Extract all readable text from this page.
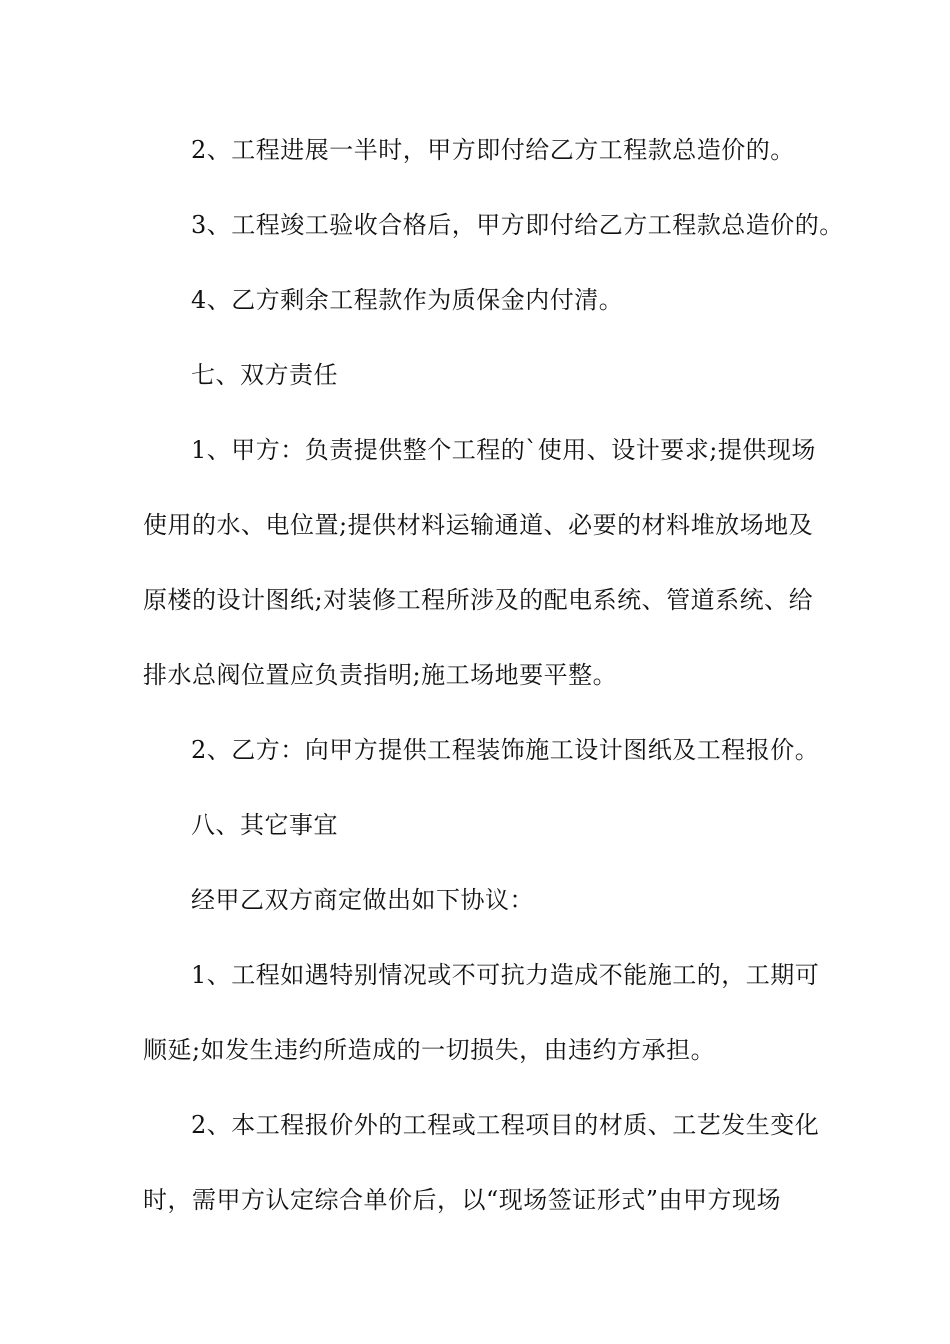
2、工程进展一半时，甲方即付给乙方工程款总造价的。
3、工程竣工验收合格后，甲方即付给乙方工程款总造价的。
4、乙方剩余工程款作为质保金内付清。
七、双方责任
1、甲方：负责提供整个工程的`使用、设计要求;提供现场
使用的水、电位置;提供材料运输通道、必要的材料堆放场地及
原楼的设计图纸;对装修工程所涉及的配电系统、管道系统、给
排水总阀位置应负责指明;施工场地要平整。
2、乙方：向甲方提供工程装饰施工设计图纸及工程报价。
八、其它事宜
经甲乙双方商定做出如下协议：
1、工程如遇特别情况或不可抗力造成不能施工的，工期可
顺延;如发生违约所造成的一切损失，由违约方承担。
2、本工程报价外的工程或工程项目的材质、工艺发生变化
时，需甲方认定综合单价后，以“现场签证形式”由甲方现场
